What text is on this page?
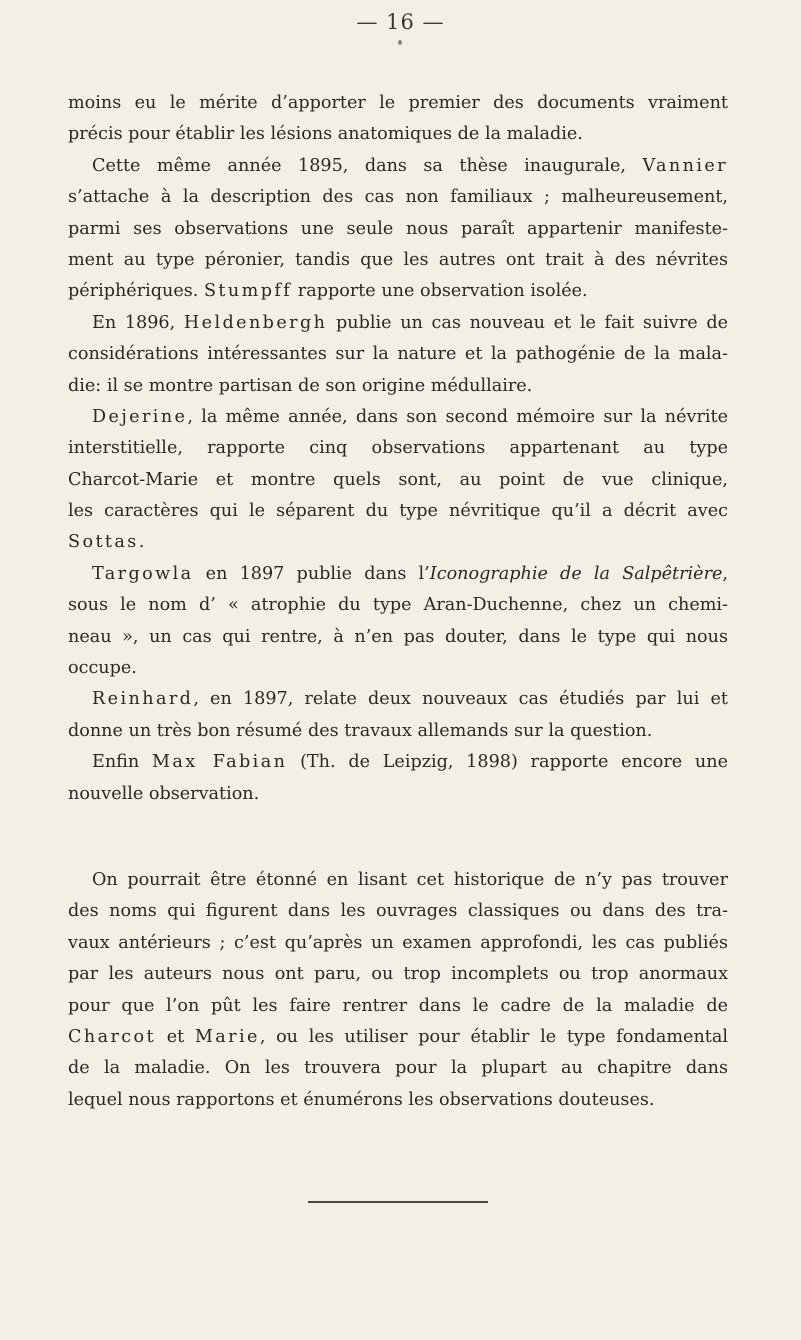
— 16 —
moins eu le mérite d’apporter le premier des documents vraiment
précis pour établir les lésions anatomiques de la maladie.
Cette même année 1895, dans sa thèse inaugurale, Vannier
s’attache à la description des cas non familiaux ; malheureusement,
parmi ses observations une seule nous paraît appartenir manifeste-
ment au type péronier, tandis que les autres ont trait à des névrites
périphériques. Stumpff rapporte une observation isolée.
En 1896, Heldenbergh publie un cas nouveau et le fait suivre de
considérations intéressantes sur la nature et la pathogénie de la mala-
die: il se montre partisan de son origine médullaire.
Dejerine, la même année, dans son second mémoire sur la névrite
interstitielle, rapporte cinq observations appartenant au type
Charcot-Marie et montre quels sont, au point de vue clinique,
les caractères qui le séparent du type névritique qu’il a décrit avec
Sottas.
Targowla en 1897 publie dans l’Iconographie de la Salpêtrière,
sous le nom d’ « atrophie du type Aran-Duchenne, chez un chemi-
neau », un cas qui rentre, à n’en pas douter, dans le type qui nous
occupe.
Reinhard, en 1897, relate deux nouveaux cas étudiés par lui et
donne un très bon résumé des travaux allemands sur la question.
Enfin Max Fabian (Th. de Leipzig, 1898) rapporte encore une
nouvelle observation.
On pourrait être étonné en lisant cet historique de n’y pas trouver
des noms qui figurent dans les ouvrages classiques ou dans des tra-
vaux antérieurs ; c’est qu’après un examen approfondi, les cas publiés
par les auteurs nous ont paru, ou trop incomplets ou trop anormaux
pour que l’on pût les faire rentrer dans le cadre de la maladie de
Charcot et Marie, ou les utiliser pour établir le type fondamental
de la maladie. On les trouvera pour la plupart au chapitre dans
lequel nous rapportons et énumérons les observations douteuses.
